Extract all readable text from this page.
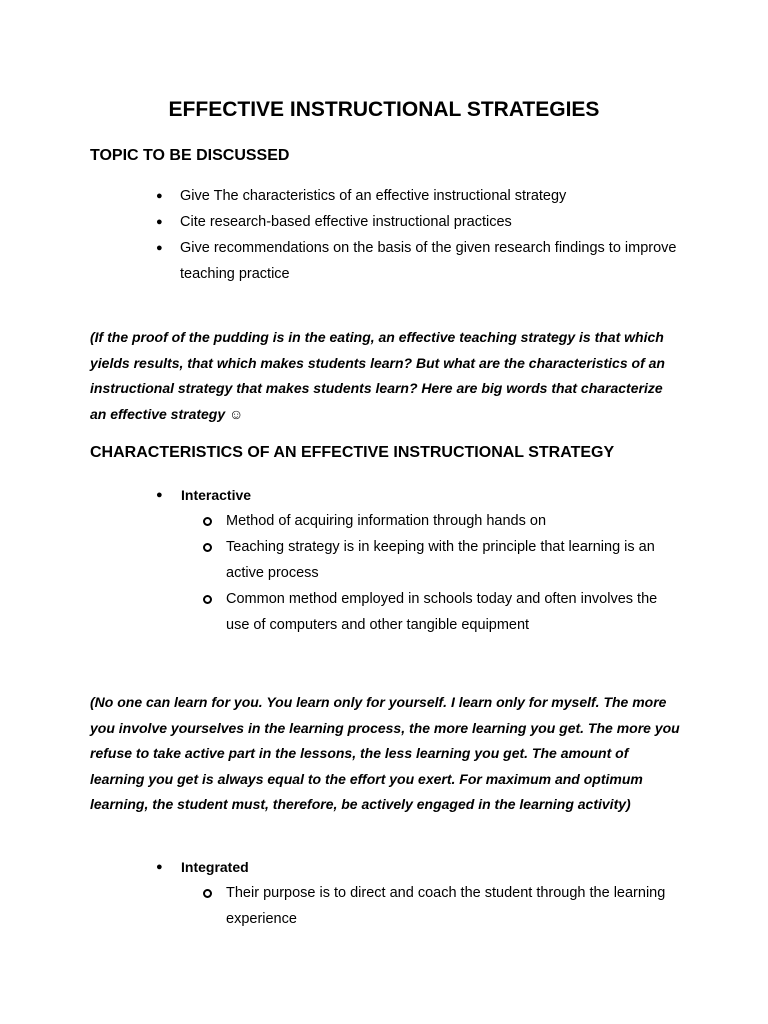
EFFECTIVE INSTRUCTIONAL STRATEGIES
TOPIC TO BE DISCUSSED
● Give The characteristics of an effective instructional strategy
● Cite research-based effective instructional practices
● Give recommendations on the basis of the given research findings to improve teaching practice

(If the proof of the pudding is in the eating, an effective teaching strategy is that which yields results, that which makes students learn? But what are the characteristics of an instructional strategy that makes students learn? Here are big words that characterize an effective strategy ☺

CHARACTERISTICS OF AN EFFECTIVE INSTRUCTIONAL STRATEGY
● Interactive
Method of acquiring information through hands on
Teaching strategy is in keeping with the principle that learning is an active process
Common method employed in schools today and often involves the use of computers and other tangible equipment

(No one can learn for you. You learn only for yourself. I learn only for myself. The more you involve yourselves in the learning process, the more learning you get. The more you refuse to take active part in the lessons, the less learning you get. The amount of learning you get is always equal to the effort you exert. For maximum and optimum learning, the student must, therefore, be actively engaged in the learning activity)

● Integrated
Their purpose is to direct and coach the student through the learning experience
